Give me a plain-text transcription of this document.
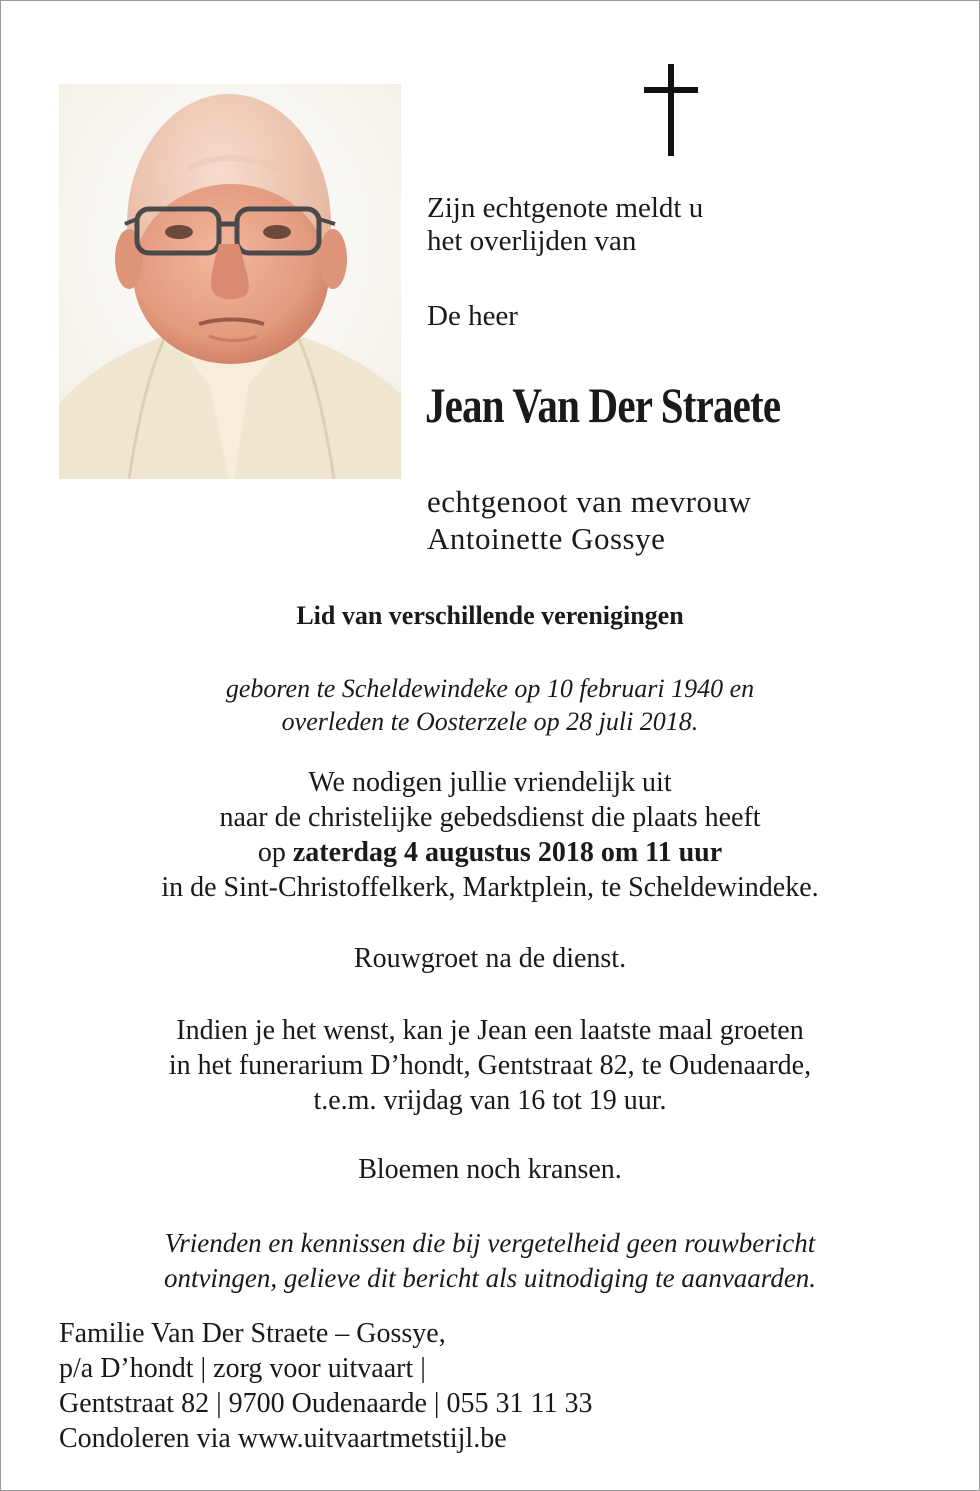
Zijn echtgenote meldt u
het overlijden van
De heer
Jean Van Der Straete
echtgenoot van mevrouw
Antoinette Gossye
Lid van verschillende verenigingen
geboren te Scheldewindeke op 10 februari 1940 en
overleden te Oosterzele op 28 juli 2018.
We nodigen jullie vriendelijk uit
naar de christelijke gebedsdienst die plaats heeft
op zaterdag 4 augustus 2018 om 11 uur
in de Sint-Christoffelkerk, Marktplein, te Scheldewindeke.
Rouwgroet na de dienst.
Indien je het wenst, kan je Jean een laatste maal groeten
in het funerarium D’hondt, Gentstraat 82, te Oudenaarde,
t.e.m. vrijdag van 16 tot 19 uur.
Bloemen noch kransen.
Vrienden en kennissen die bij vergetelheid geen rouwbericht
ontvingen, gelieve dit bericht als uitnodiging te aanvaarden.
Familie Van Der Straete – Gossye,
p/a D’hondt | zorg voor uitvaart |
Gentstraat 82 | 9700 Oudenaarde | 055 31 11 33
Condoleren via www.uitvaartmetstijl.be
